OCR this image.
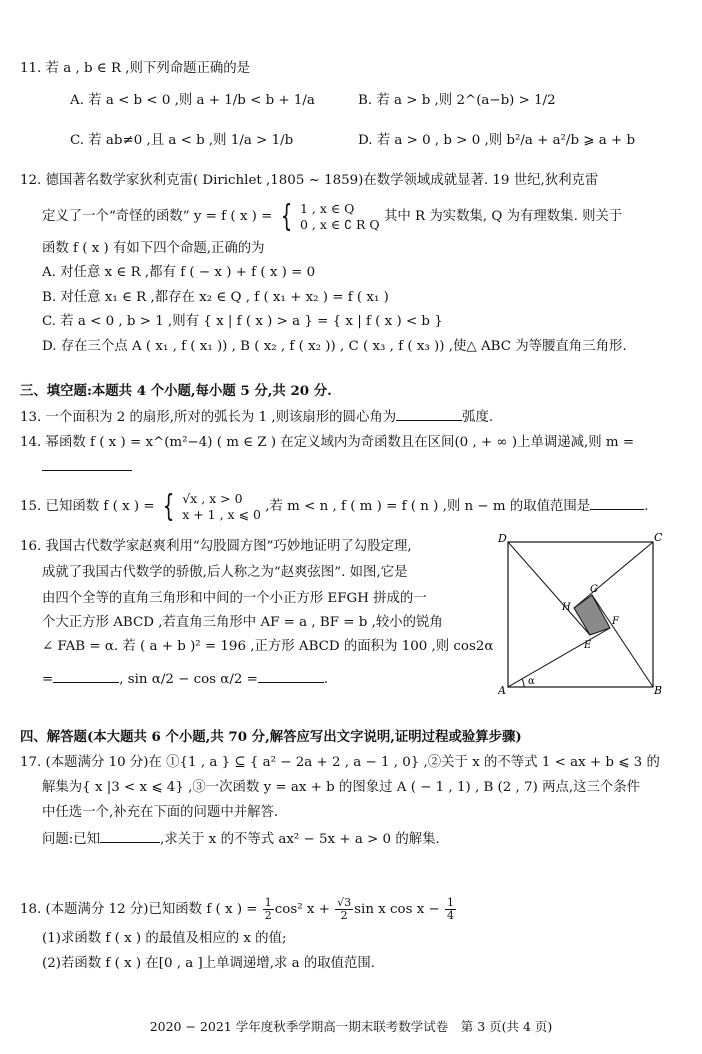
11. 若 a , b ∈ R ,则下列命题正确的是
A. 若 a < b < 0 ,则 a + 1/b < b + 1/a	B. 若 a > b ,则 2^(a−b) > 1/2
C. 若 ab≠0 ,且 a < b ,则 1/a > 1/b	D. 若 a > 0 , b > 0 ,则 b²/a + a²/b ⩾ a + b
12. 德国著名数学家狄利克雷( Dirichlet ,1805 ~ 1859)在数学领域成就显著. 19 世纪,狄利克雷
定义了一个“奇怪的函数” y = f ( x ) = { 1 , x ∈ Q
0 , x ∈ ∁ R Q 其中 R 为实数集, Q 为有理数集. 则关于
函数 f ( x ) 有如下四个命题,正确的为
A. 对任意 x ∈ R ,都有 f ( − x ) + f ( x ) = 0
B. 对任意 x₁ ∈ R ,都存在 x₂ ∈ Q , f ( x₁ + x₂ ) = f ( x₁ )
C. 若 a < 0 , b > 1 ,则有 { x | f ( x ) > a } = { x | f ( x ) < b }
D. 存在三个点 A ( x₁ , f ( x₁ )) , B ( x₂ , f ( x₂ )) , C ( x₃ , f ( x₃ )) ,使△ ABC 为等腰直角三角形.
三、填空题:本题共 4 个小题,每小题 5 分,共 20 分.
13. 一个面积为 2 的扇形,所对的弧长为 1 ,则该扇形的圆心角为	弧度.
14. 幂函数 f ( x ) = x^(m²−4) ( m ∈ Z ) 在定义域内为奇函数且在区间(0 , + ∞ )上单调递减,则 m =
15. 已知函数 f ( x ) = { √x , x > 0
x + 1 , x ⩽ 0 ,若 m < n , f ( m ) = f ( n ) ,则 n − m 的取值范围是	.
16. 我国古代数学家赵爽利用“勾股圆方图”巧妙地证明了勾股定理,
成就了我国古代数学的骄傲,后人称之为“赵爽弦图”. 如图,它是
由四个全等的直角三角形和中间的一个小正方形 EFGH 拼成的一
个大正方形 ABCD ,若直角三角形中 AF = a , BF = b ,较小的锐角
∠ FAB = α. 若 ( a + b )² = 196 ,正方形 ABCD 的面积为 100 ,则 cos2α
=	, sin α/2 − cos α/2 =	.
D	C
A	B
H
G
F
E
α
四、解答题(本大题共 6 个小题,共 70 分,解答应写出文字说明,证明过程或验算步骤)
17. (本题满分 10 分)在 ①{1 , a } ⊆ { a² − 2a + 2 , a − 1 , 0} ,②关于 x 的不等式 1 < ax + b ⩽ 3 的
解集为{ x |3 < x ⩽ 4} ,③一次函数 y = ax + b 的图象过 A ( − 1 , 1) , B (2 , 7) 两点,这三个条件
中任选一个,补充在下面的问题中并解答.
问题:已知	,求关于 x 的不等式 ax² − 5x + a > 0 的解集.
18. (本题满分 12 分)已知函数 f ( x ) = $\frac{1}{2} \cos^2$ $x + \frac{√3}{2}$ sin x $\cos x - \frac{1}{4}$
(1)求函数 f ( x ) 的最值及相应的 x 的值;
(2)若函数 f ( x ) 在[0 , a ]上单调递增,求 a 的取值范围.
2020 − 2021 学年度秋季学期高一期末联考数学试卷　第 3 页(共 4 页)
